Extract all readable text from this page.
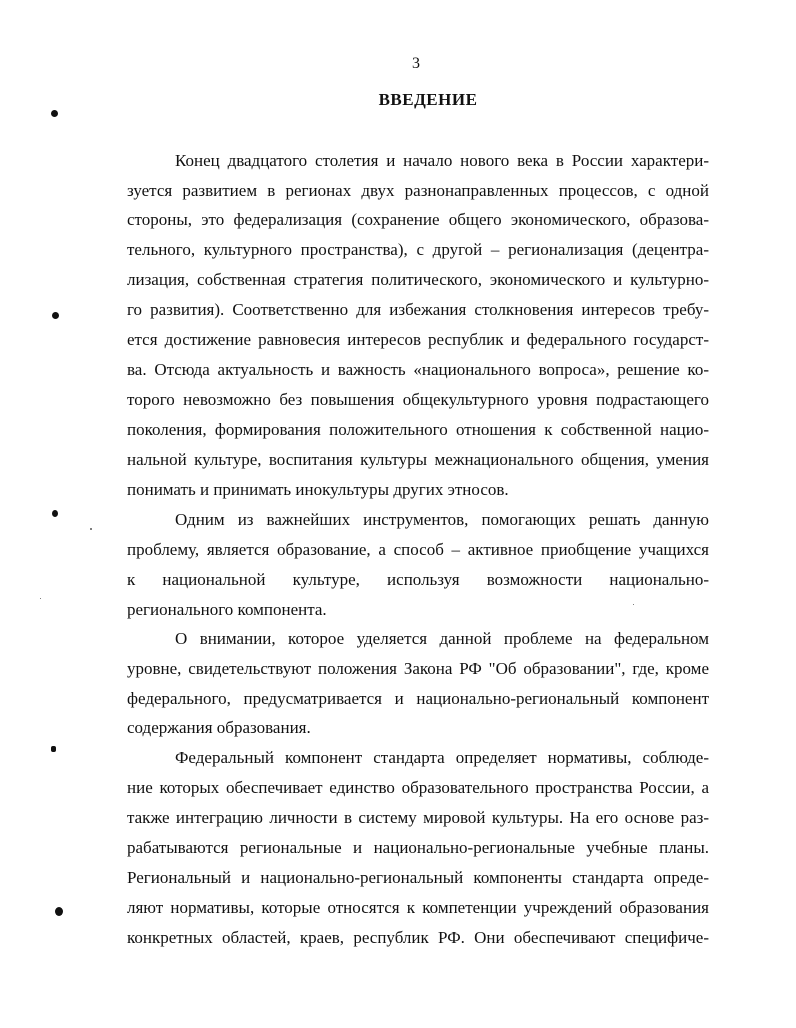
3
ВВЕДЕНИЕ
Конец двадцатого столетия и начало нового века в России характери-
зуется развитием в регионах двух разнонаправленных процессов, с одной
стороны, это федерализация (сохранение общего экономического, образова-
тельного, культурного пространства), с другой – регионализация (децентра-
лизация, собственная стратегия политического, экономического и культурно-
го развития). Соответственно для избежания столкновения интересов требу-
ется достижение равновесия интересов республик и федерального государст-
ва. Отсюда актуальность и важность «национального вопроса», решение ко-
торого невозможно без повышения общекультурного уровня подрастающего
поколения, формирования положительного отношения к собственной нацио-
нальной культуре, воспитания культуры межнационального общения, умения
понимать и принимать инокультуры других этносов.
Одним из важнейших инструментов, помогающих решать данную
проблему, является образование, а способ – активное приобщение учащихся
к национальной культуре, используя возможности национально-
регионального компонента.
О внимании, которое уделяется данной проблеме на федеральном
уровне, свидетельствуют положения Закона РФ "Об образовании", где, кроме
федерального, предусматривается и национально-региональный компонент
содержания образования.
Федеральный компонент стандарта определяет нормативы, соблюде-
ние которых обеспечивает единство образовательного пространства России, а
также интеграцию личности в систему мировой культуры. На его основе раз-
рабатываются региональные и национально-региональные учебные планы.
Региональный и национально-региональный компоненты стандарта опреде-
ляют нормативы, которые относятся к компетенции учреждений образования
конкретных областей, краев, республик РФ. Они обеспечивают специфиче-
